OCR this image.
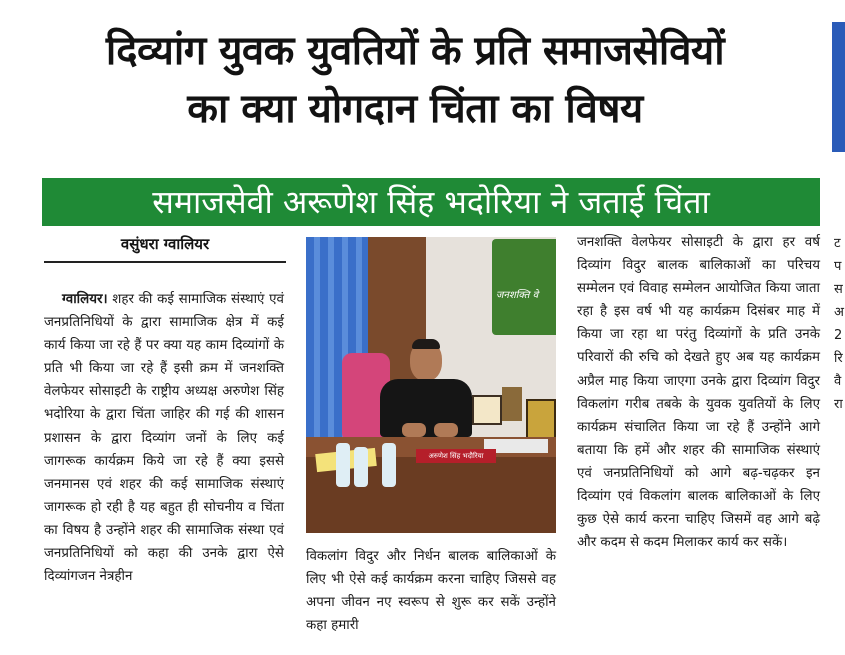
दिव्यांग युवक युवतियों के प्रति समाजसेवियों
का क्या योगदान चिंता का विषय
समाजसेवी अरूणेश सिंह भदोरिया ने जताई चिंता
वसुंधरा ग्वालियर
ग्वालियर। शहर की कई सामाजिक संस्थाएं एवं जनप्रतिनिधियों के द्वारा सामाजिक क्षेत्र में कई कार्य किया जा रहे हैं पर क्या यह काम दिव्यांगों के प्रति भी किया जा रहे हैं इसी क्रम में जनशक्ति वेलफेयर सोसाइटी के राष्ट्रीय अध्यक्ष अरुणेश सिंह भदोरिया के द्वारा चिंता जाहिर की गई की शासन प्रशासन के द्वारा दिव्यांग जनों के लिए कई जागरूक कार्यक्रम किये जा रहे हैं क्या इससे जनमानस एवं शहर की कई सामाजिक संस्थाएं जागरूक हो रही है यह बहुत ही सोचनीय व चिंता का विषय है उन्होंने शहर की सामाजिक संस्था एवं जनप्रतिनिधियों को कहा की उनके द्वारा ऐसे दिव्यांगजन नेत्रहीन
जनशक्ति वे
अरुणेश सिंह भदौरिया
विकलांग विदुर और निर्धन बालक बालिकाओं के लिए भी ऐसे कई कार्यक्रम करना चाहिए जिससे वह अपना जीवन नए स्वरूप से शुरू कर सकें उन्होंने कहा हमारी
जनशक्ति वेलफेयर सोसाइटी के द्वारा हर वर्ष दिव्यांग विदुर बालक बालिकाओं का परिचय सम्मेलन एवं विवाह सम्मेलन आयोजित किया जाता रहा है इस वर्ष भी यह कार्यक्रम दिसंबर माह में किया जा रहा था परंतु दिव्यांगों के प्रति उनके परिवारों की रुचि को देखते हुए अब यह कार्यक्रम अप्रैल माह किया जाएगा उनके द्वारा दिव्यांग विदुर विकलांग गरीब तबके के युवक युवतियों के लिए कार्यक्रम संचालित किया जा रहे हैं उन्होंने आगे बताया कि हमें और शहर की सामाजिक संस्थाएं एवं जनप्रतिनिधियों को आगे बढ़-चढ़कर इन दिव्यांग एवं विकलांग बालक बालिकाओं के लिए कुछ ऐसे कार्य करना चाहिए जिसमें वह आगे बढ़े और कदम से कदम मिलाकर कार्य कर सकें।
ट
प
स
अ
2
रि
वै
रा
